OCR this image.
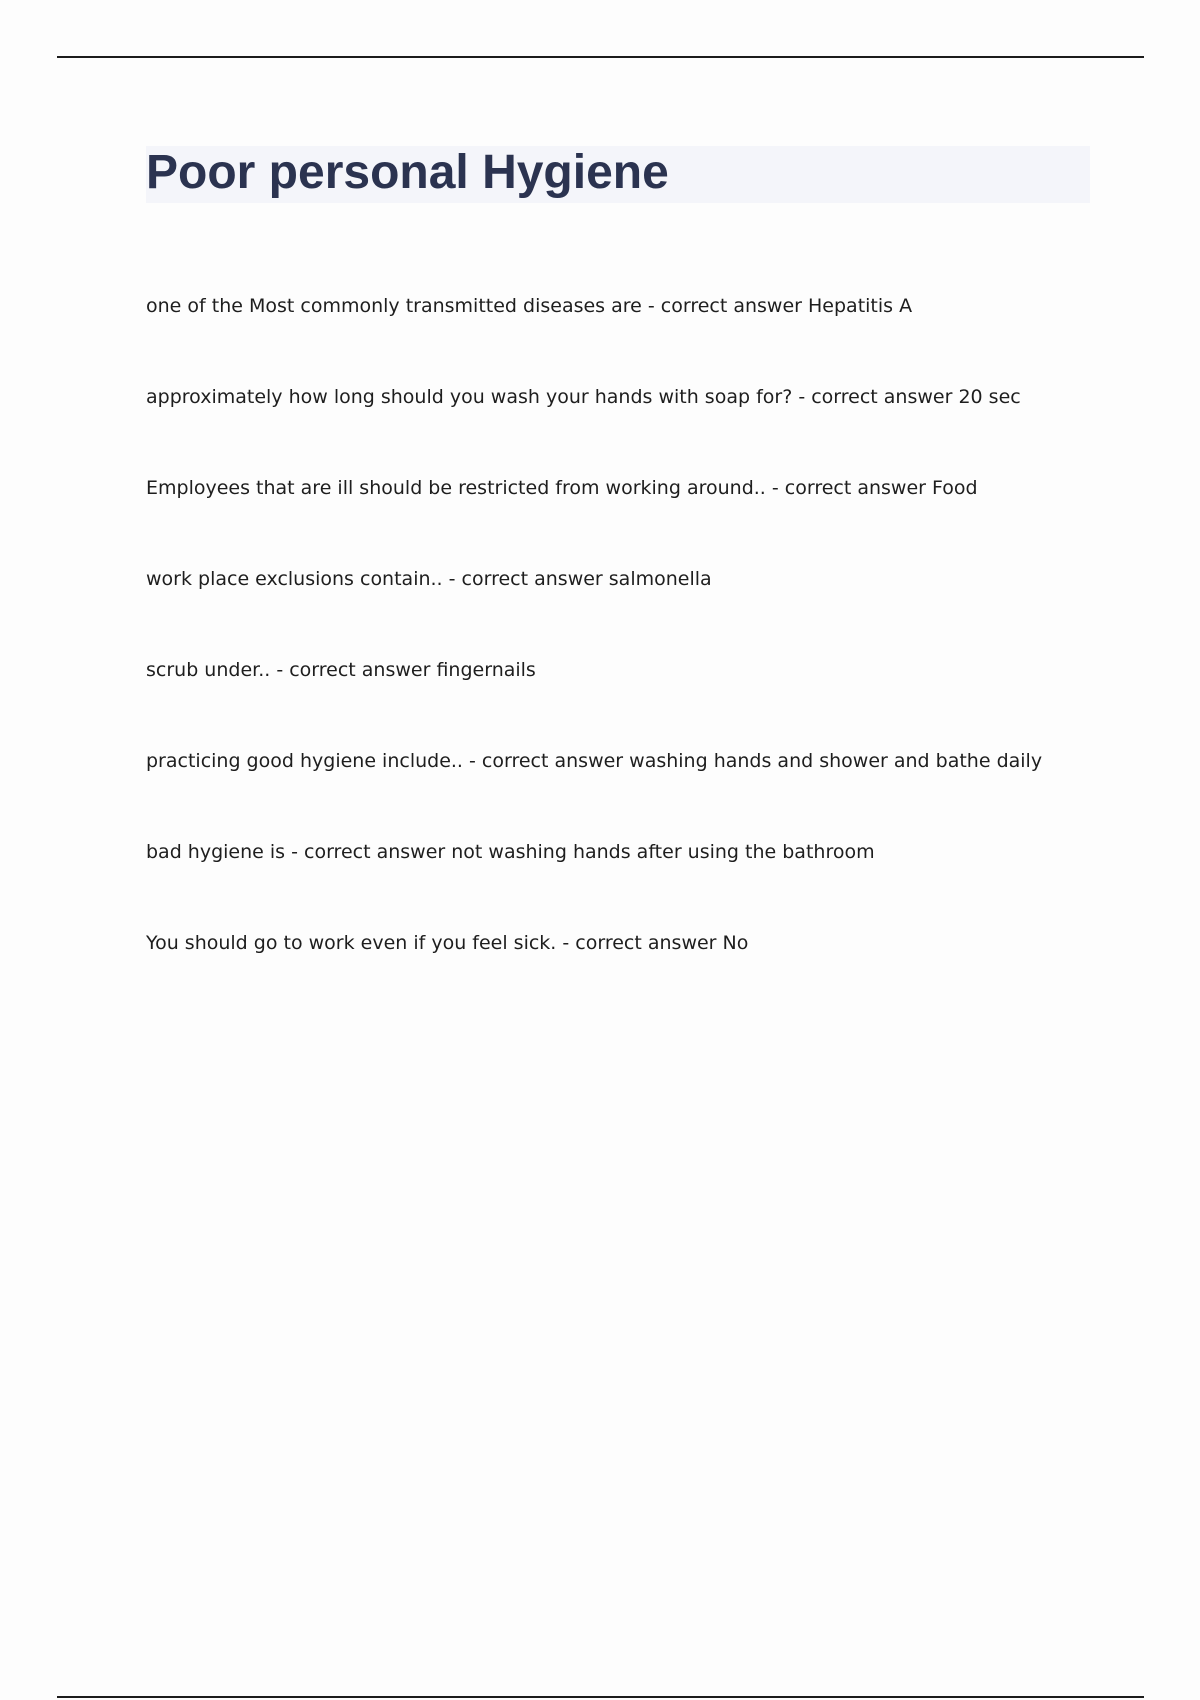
Poor personal Hygiene
one of the Most commonly transmitted diseases are - correct answer Hepatitis A
approximately how long should you wash your hands with soap for? - correct answer 20 sec
Employees that are ill should be restricted from working around.. - correct answer Food
work place exclusions contain.. - correct answer salmonella
scrub under.. - correct answer fingernails
practicing good hygiene include.. - correct answer washing hands and shower and bathe daily
bad hygiene is - correct answer not washing hands after using the bathroom
You should go to work even if you feel sick. - correct answer No
